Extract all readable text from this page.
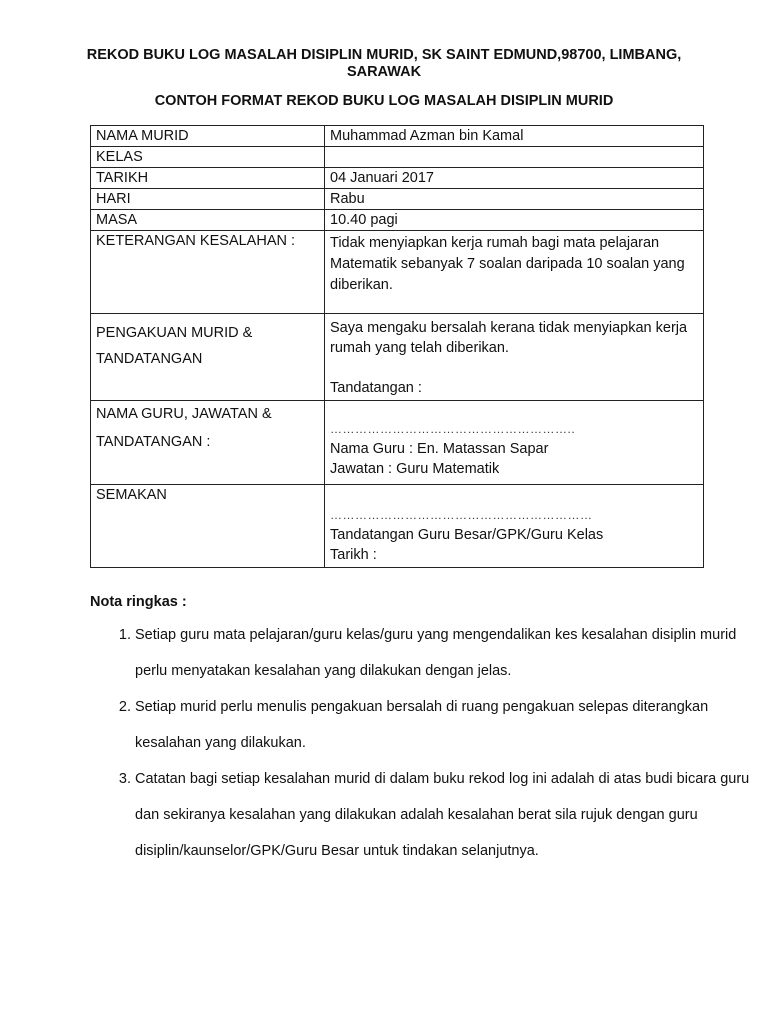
REKOD BUKU LOG MASALAH DISIPLIN MURID, SK SAINT EDMUND,98700, LIMBANG,
SARAWAK
CONTOH FORMAT REKOD BUKU LOG MASALAH DISIPLIN MURID
NAMA MURID	Muhammad Azman bin Kamal
KELAS	
TARIKH	04 Januari 2017
HARI	Rabu
MASA	10.40 pagi
KETERANGAN KESALAHAN :	Tidak menyiapkan kerja rumah bagi mata pelajaran Matematik sebanyak 7 soalan daripada 10 soalan yang diberikan.

PENGAKUAN MURID &
TANDATANGAN	Saya mengaku bersalah kerana tidak menyiapkan kerja rumah yang telah diberikan.
Tandatangan :

NAMA GURU, JAWATAN &
TANDATANGAN :	…………………………………………………..
Nama Guru : En. Matassan Sapar
Jawatan : Guru Matematik

SEMAKAN	………………………………………………………
Tandatangan Guru Besar/GPK/Guru Kelas
Tarikh :
Nota ringkas :
1. Setiap guru mata pelajaran/guru kelas/guru yang mengendalikan kes kesalahan disiplin murid perlu menyatakan kesalahan yang dilakukan dengan jelas.
2. Setiap murid perlu menulis pengakuan bersalah di ruang pengakuan selepas diterangkan kesalahan yang dilakukan.
3. Catatan bagi setiap kesalahan murid di dalam buku rekod log ini adalah di atas budi bicara guru dan sekiranya kesalahan yang dilakukan adalah kesalahan berat sila rujuk dengan guru disiplin/kaunselor/GPK/Guru Besar untuk tindakan selanjutnya.
